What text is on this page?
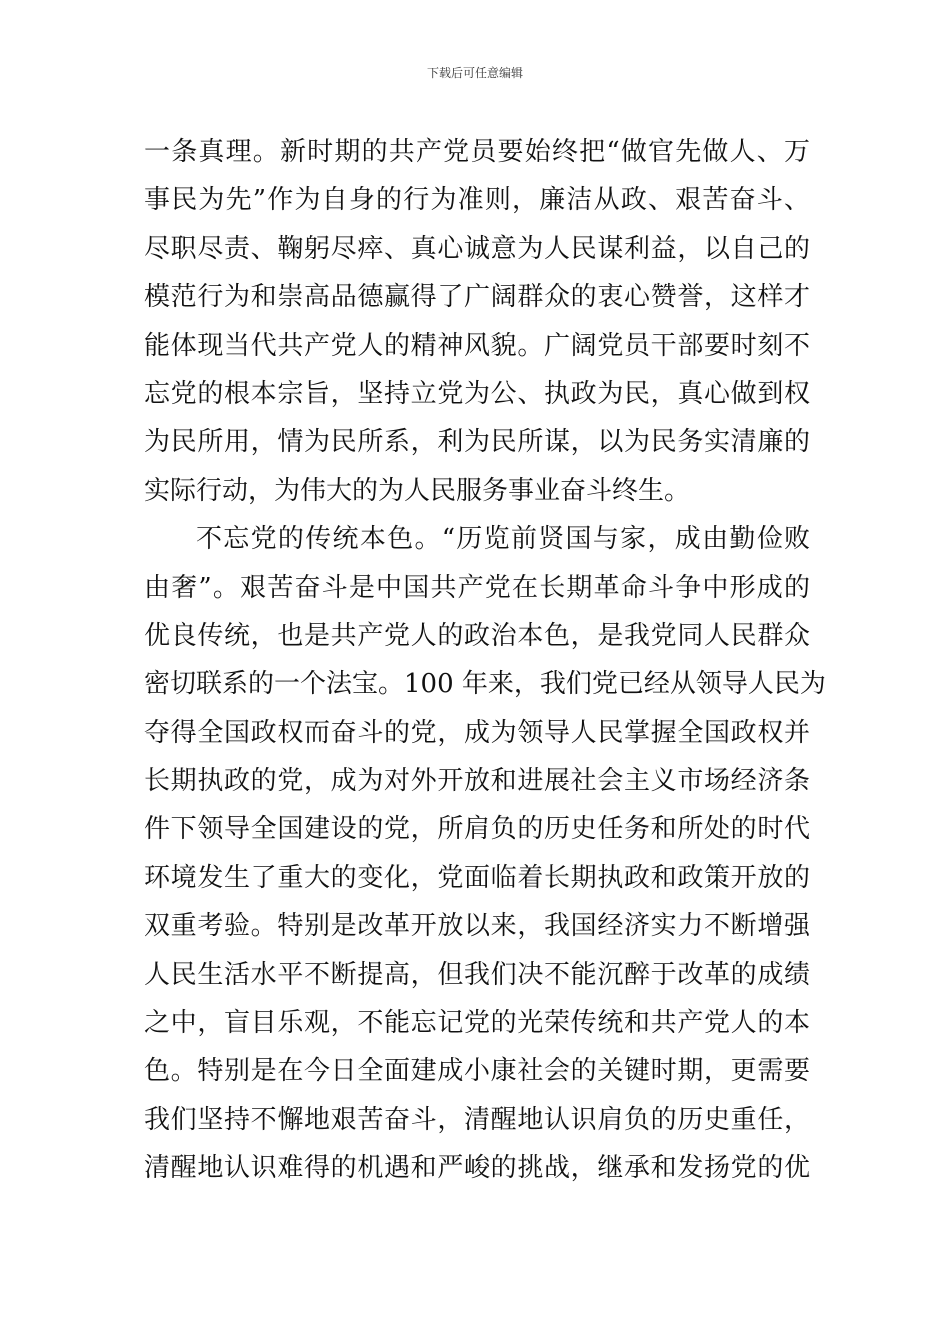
下载后可任意编辑
一条真理。新时期的共产党员要始终把“做官先做人、万
事民为先”作为自身的行为准则，廉洁从政、艰苦奋斗、
尽职尽责、鞠躬尽瘁、真心诚意为人民谋利益，以自己的
模范行为和崇高品德赢得了广阔群众的衷心赞誉，这样才
能体现当代共产党人的精神风貌。广阔党员干部要时刻不
忘党的根本宗旨，坚持立党为公、执政为民，真心做到权
为民所用，情为民所系，利为民所谋，以为民务实清廉的
实际行动，为伟大的为人民服务事业奋斗终生。
不忘党的传统本色。“历览前贤国与家，成由勤俭败
由奢”。艰苦奋斗是中国共产党在长期革命斗争中形成的
优良传统，也是共产党人的政治本色，是我党同人民群众
密切联系的一个法宝。100 年来，我们党已经从领导人民为
夺得全国政权而奋斗的党，成为领导人民掌握全国政权并
长期执政的党，成为对外开放和进展社会主义市场经济条
件下领导全国建设的党，所肩负的历史任务和所处的时代
环境发生了重大的变化，党面临着长期执政和政策开放的
双重考验。特别是改革开放以来，我国经济实力不断增强
人民生活水平不断提高，但我们决不能沉醉于改革的成绩
之中，盲目乐观，不能忘记党的光荣传统和共产党人的本
色。特别是在今日全面建成小康社会的关键时期，更需要
我们坚持不懈地艰苦奋斗，清醒地认识肩负的历史重任，
清醒地认识难得的机遇和严峻的挑战，继承和发扬党的优
